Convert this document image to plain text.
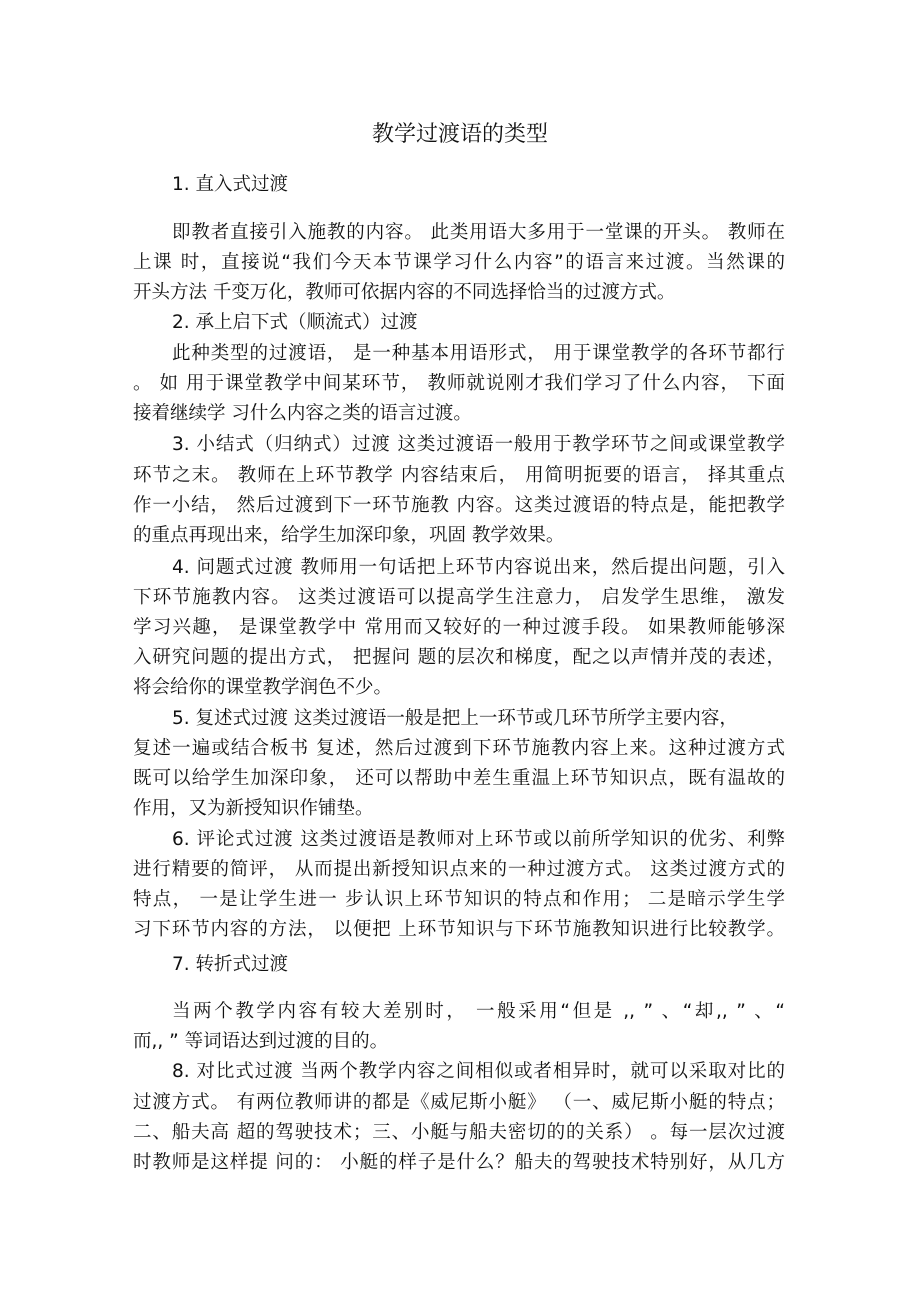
教学过渡语的类型
1. 直入式过渡
即教者直接引入施教的内容。 此类用语大多用于一堂课的开头。 教师在
上课 时，直接说“我们今天本节课学习什么内容”的语言来过渡。当然课的
开头方法 千变万化，教师可依据内容的不同选择恰当的过渡方式。
2. 承上启下式（顺流式）过渡
此种类型的过渡语， 是一种基本用语形式， 用于课堂教学的各环节都行
。 如 用于课堂教学中间某环节， 教师就说刚才我们学习了什么内容， 下面
接着继续学 习什么内容之类的语言过渡。
3. 小结式（归纳式）过渡 这类过渡语一般用于教学环节之间或课堂教学
环节之末。 教师在上环节教学 内容结束后， 用简明扼要的语言， 择其重点
作一小结， 然后过渡到下一环节施教 内容。这类过渡语的特点是，能把教学
的重点再现出来，给学生加深印象，巩固 教学效果。
4. 问题式过渡 教师用一句话把上环节内容说出来，然后提出问题，引入
下环节施教内容。 这类过渡语可以提高学生注意力， 启发学生思维， 激发
学习兴趣， 是课堂教学中 常用而又较好的一种过渡手段。 如果教师能够深
入研究问题的提出方式， 把握问 题的层次和梯度，配之以声情并茂的表述，
将会给你的课堂教学润色不少。
5. 复述式过渡 这类过渡语一般是把上一环节或几环节所学主要内容，
复述一遍或结合板书 复述，然后过渡到下环节施教内容上来。这种过渡方式
既可以给学生加深印象， 还可以帮助中差生重温上环节知识点，既有温故的
作用，又为新授知识作铺垫。
6. 评论式过渡 这类过渡语是教师对上环节或以前所学知识的优劣、利弊
进行精要的简评， 从而提出新授知识点来的一种过渡方式。 这类过渡方式的
特点， 一是让学生进一 步认识上环节知识的特点和作用； 二是暗示学生学
习下环节内容的方法， 以便把 上环节知识与下环节施教知识进行比较教学。
7. 转折式过渡
当两个教学内容有较大差别时， 一般采用“但是 ,, ” 、“却,, ” 、“
而,, ” 等词语达到过渡的目的。
8. 对比式过渡 当两个教学内容之间相似或者相异时，就可以采取对比的
过渡方式。 有两位教师讲的都是《威尼斯小艇》 （一、威尼斯小艇的特点；
二、船夫高 超的驾驶技术；三、小艇与船夫密切的的关系） 。每一层次过渡
时教师是这样提 问的： 小艇的样子是什么？船夫的驾驶技术特别好，从几方
